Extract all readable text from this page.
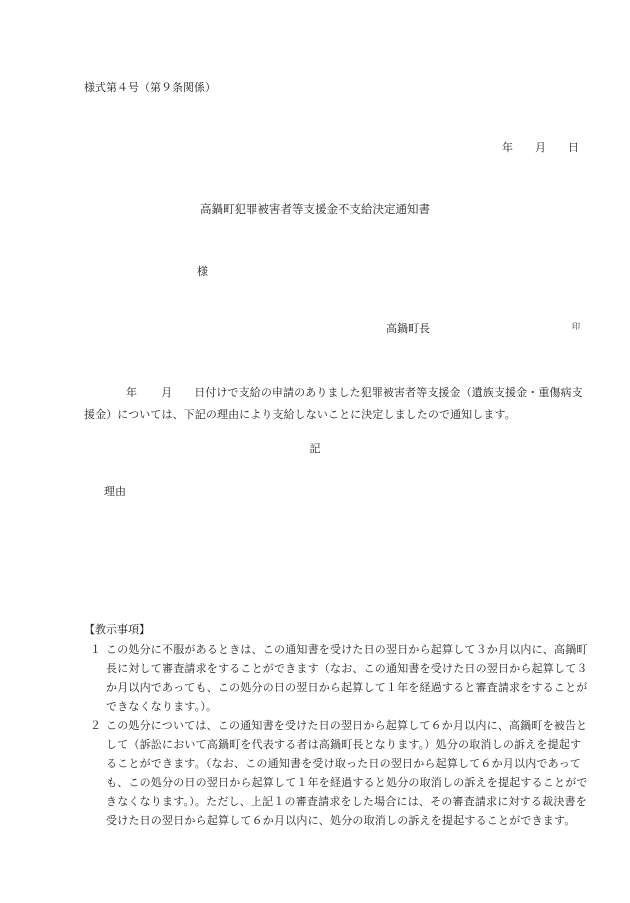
様式第４号（第９条関係）
年 月 日
高鍋町犯罪被害者等支援金不支給決定通知書
様
高鍋町長	印
年 月 日付けで支給の申請のありました犯罪被害者等支援金（遺族支援金・重傷病支援金）については、下記の理由により支給しないことに決定しましたので通知します。
記
理由
【教示事項】
１ この処分に不服があるときは、この通知書を受けた日の翌日から起算して３か月以内に、高鍋町長に対して審査請求をすることができます（なお、この通知書を受けた日の翌日から起算して３か月以内であっても、この処分の日の翌日から起算して１年を経過すると審査請求をすることができなくなります。）。
２ この処分については、この通知書を受けた日の翌日から起算して６か月以内に、高鍋町を被告として（訴訟において高鍋町を代表する者は高鍋町長となります。）処分の取消しの訴えを提起することができます。（なお、この通知書を受け取った日の翌日から起算して６か月以内であっても、この処分の日の翌日から起算して１年を経過すると処分の取消しの訴えを提起することができなくなります。）。ただし、上記１の審査請求をした場合には、その審査請求に対する裁決書を受けた日の翌日から起算して６か月以内に、処分の取消しの訴えを提起することができます。
